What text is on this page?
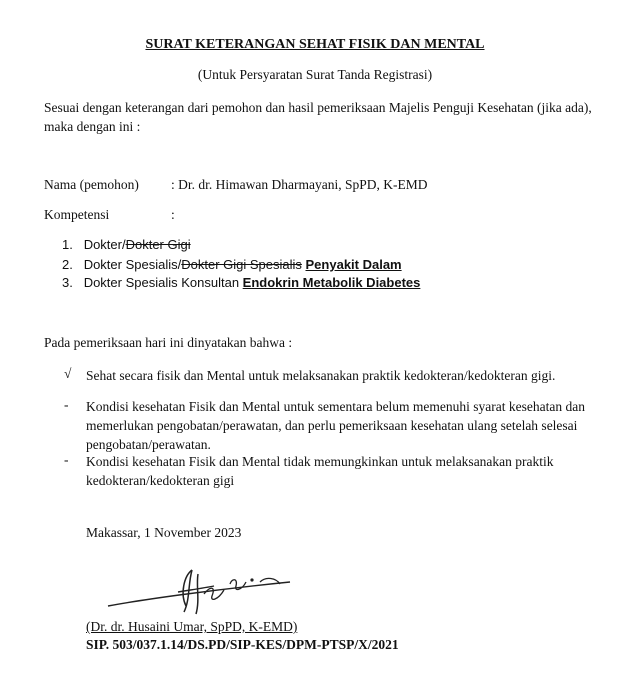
SURAT KETERANGAN SEHAT FISIK DAN MENTAL
(Untuk Persyaratan Surat Tanda Registrasi)
Sesuai dengan keterangan dari pemohon dan hasil pemeriksaan Majelis Penguji Kesehatan (jika ada), maka dengan ini :
Nama (pemohon) : Dr. dr. Himawan Dharmayani, SpPD, K-EMD
Kompetensi	:
1. Dokter/Dokter Gigi
2. Dokter Spesialis/Dokter Gigi Spesialis Penyakit Dalam
3. Dokter Spesialis Konsultan Endokrin Metabolik Diabetes
Pada pemeriksaan hari ini dinyatakan bahwa :
√ Sehat secara fisik dan Mental untuk melaksanakan praktik kedokteran/kedokteran gigi.
- Kondisi kesehatan Fisik dan Mental untuk sementara belum memenuhi syarat kesehatan dan memerlukan pengobatan/perawatan, dan perlu pemeriksaan kesehatan ulang setelah selesai pengobatan/perawatan.
- Kondisi kesehatan Fisik dan Mental tidak memungkinkan untuk melaksanakan praktik kedokteran/kedokteran gigi
Makassar, 1 November 2023
(Dr. dr. Husaini Umar, SpPD, K-EMD)
SIP. 503/037.1.14/DS.PD/SIP-KES/DPM-PTSP/X/2021
